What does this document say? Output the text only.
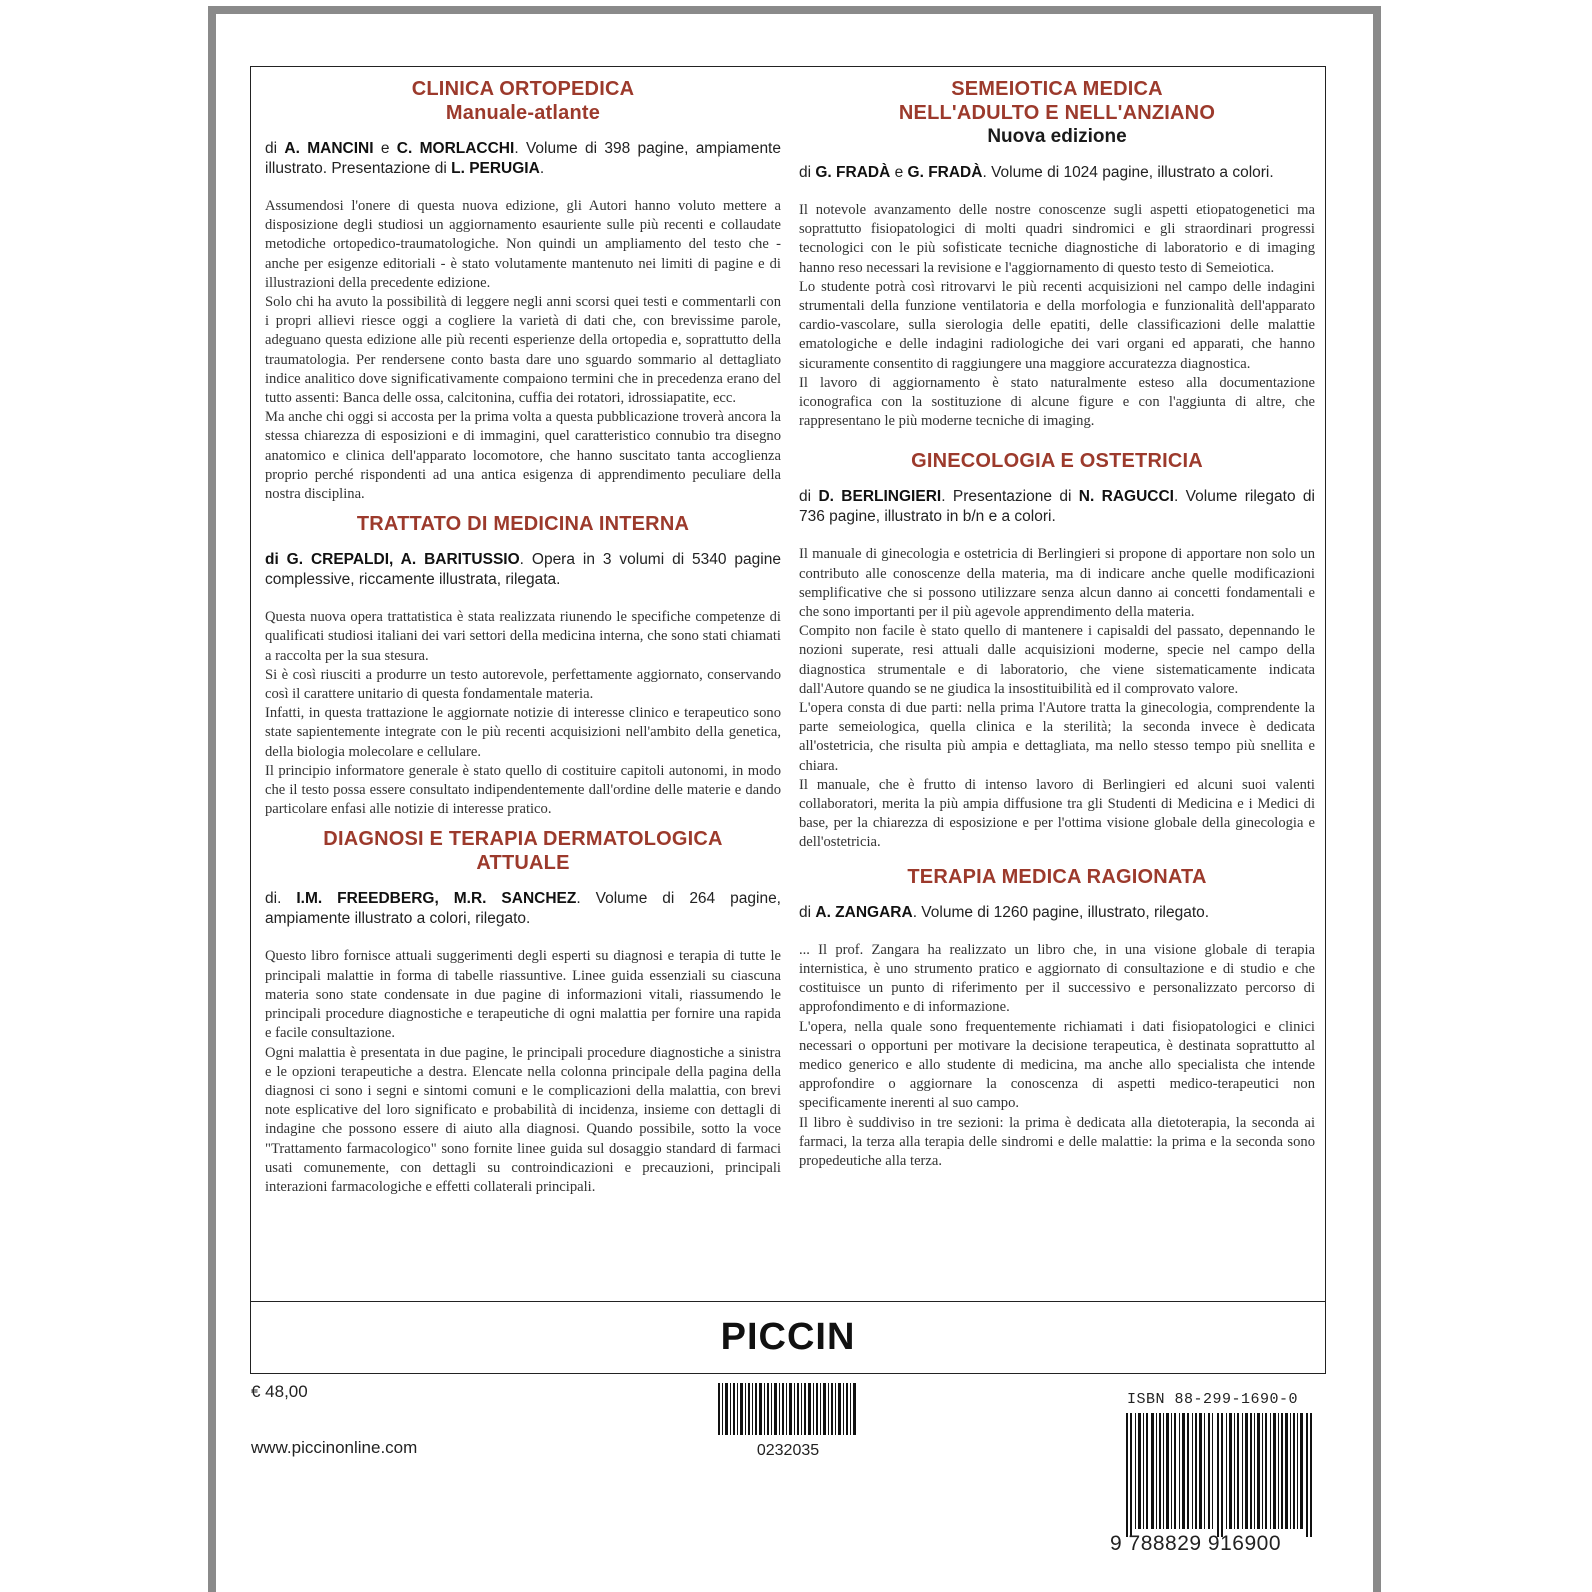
CLINICA ORTOPEDICA

Manuale-atlante

di A. MANCINI e C. MORLACCHI. Volume di 398 pagine, ampiamente illustrato. Presentazione di L. PERUGIA.

Assumendosi l'onere di questa nuova edizione, gli Autori hanno voluto mettere a disposizione degli studiosi un aggiornamento esauriente sulle più recenti e collaudate metodiche ortopedico-traumatologiche. Non quindi un ampliamento del testo che - anche per esigenze editoriali - è stato volutamente mantenuto nei limiti di pagine e di illustrazioni della precedente edizione.

Solo chi ha avuto la possibilità di leggere negli anni scorsi quei testi e commentarli con i propri allievi riesce oggi a cogliere la varietà di dati che, con brevissime parole, adeguano questa edizione alle più recenti esperienze della ortopedia e, soprattutto della traumatologia. Per rendersene conto basta dare uno sguardo sommario al dettagliato indice analitico dove significativamente compaiono termini che in precedenza erano del tutto assenti: Banca delle ossa, calcitonina, cuffia dei rotatori, idrossiapatite, ecc.

Ma anche chi oggi si accosta per la prima volta a questa pubblicazione troverà ancora la stessa chiarezza di esposizioni e di immagini, quel caratteristico connubio tra disegno anatomico e clinica dell'apparato locomotore, che hanno suscitato tanta accoglienza proprio perché rispondenti ad una antica esigenza di apprendimento peculiare della nostra disciplina.

TRATTATO DI MEDICINA INTERNA

di G. CREPALDI, A. BARITUSSIO. Opera in 3 volumi di 5340 pagine complessive, riccamente illustrata, rilegata.

Questa nuova opera trattatistica è stata realizzata riunendo le specifiche competenze di qualificati studiosi italiani dei vari settori della medicina interna, che sono stati chiamati a raccolta per la sua stesura.

Si è così riusciti a produrre un testo autorevole, perfettamente aggiornato, conservando così il carattere unitario di questa fondamentale materia.

Infatti, in questa trattazione le aggiornate notizie di interesse clinico e terapeutico sono state sapientemente integrate con le più recenti acquisizioni nell'ambito della genetica, della biologia molecolare e cellulare.

Il principio informatore generale è stato quello di costituire capitoli autonomi, in modo che il testo possa essere consultato indipendentemente dall'ordine delle materie e dando particolare enfasi alle notizie di interesse pratico.

DIAGNOSI E TERAPIA DERMATOLOGICA ATTUALE

di. I.M. FREEDBERG, M.R. SANCHEZ. Volume di 264 pagine, ampiamente illustrato a colori, rilegato.

Questo libro fornisce attuali suggerimenti degli esperti su diagnosi e terapia di tutte le principali malattie in forma di tabelle riassuntive. Linee guida essenziali su ciascuna materia sono state condensate in due pagine di informazioni vitali, riassumendo le principali procedure diagnostiche e terapeutiche di ogni malattia per fornire una rapida e facile consultazione.

Ogni malattia è presentata in due pagine, le principali procedure diagnostiche a sinistra e le opzioni terapeutiche a destra. Elencate nella colonna principale della pagina della diagnosi ci sono i segni e sintomi comuni e le complicazioni della malattia, con brevi note esplicative del loro significato e probabilità di incidenza, insieme con dettagli di indagine che possono essere di aiuto alla diagnosi. Quando possibile, sotto la voce "Trattamento farmacologico" sono fornite linee guida sul dosaggio standard di farmaci usati comunemente, con dettagli su controindicazioni e precauzioni, principali interazioni farmacologiche e effetti collaterali principali.

SEMEIOTICA MEDICA

NELL'ADULTO E NELL'ANZIANO

Nuova edizione

di G. FRADÀ e G. FRADÀ. Volume di 1024 pagine, illustrato a colori.

Il notevole avanzamento delle nostre conoscenze sugli aspetti etiopatogenetici ma soprattutto fisiopatologici di molti quadri sindromici e gli straordinari progressi tecnologici con le più sofisticate tecniche diagnostiche di laboratorio e di imaging hanno reso necessari la revisione e l'aggiornamento di questo testo di Semeiotica.

Lo studente potrà così ritrovarvi le più recenti acquisizioni nel campo delle indagini strumentali della funzione ventilatoria e della morfologia e funzionalità dell'apparato cardio-vascolare, sulla sierologia delle epatiti, delle classificazioni delle malattie ematologiche e delle indagini radiologiche dei vari organi ed apparati, che hanno sicuramente consentito di raggiungere una maggiore accuratezza diagnostica.

Il lavoro di aggiornamento è stato naturalmente esteso alla documentazione iconografica con la sostituzione di alcune figure e con l'aggiunta di altre, che rappresentano le più moderne tecniche di imaging.

GINECOLOGIA E OSTETRICIA

di D. BERLINGIERI. Presentazione di N. RAGUCCI. Volume rilegato di 736 pagine, illustrato in b/n e a colori.

Il manuale di ginecologia e ostetricia di Berlingieri si propone di apportare non solo un contributo alle conoscenze della materia, ma di indicare anche quelle modificazioni semplificative che si possono utilizzare senza alcun danno ai concetti fondamentali e che sono importanti per il più agevole apprendimento della materia.

Compito non facile è stato quello di mantenere i capisaldi del passato, depennando le nozioni superate, resi attuali dalle acquisizioni moderne, specie nel campo della diagnostica strumentale e di laboratorio, che viene sistematicamente indicata dall'Autore quando se ne giudica la insostituibilità ed il comprovato valore.

L'opera consta di due parti: nella prima l'Autore tratta la ginecologia, comprendente la parte semeiologica, quella clinica e la sterilità; la seconda invece è dedicata all'ostetricia, che risulta più ampia e dettagliata, ma nello stesso tempo più snellita e chiara.

Il manuale, che è frutto di intenso lavoro di Berlingieri ed alcuni suoi valenti collaboratori, merita la più ampia diffusione tra gli Studenti di Medicina e i Medici di base, per la chiarezza di esposizione e per l'ottima visione globale della ginecologia e dell'ostetricia.

TERAPIA MEDICA RAGIONATA

di A. ZANGARA. Volume di 1260 pagine, illustrato, rilegato.

... Il prof. Zangara ha realizzato un libro che, in una visione globale di terapia internistica, è uno strumento pratico e aggiornato di consultazione e di studio e che costituisce un punto di riferimento per il successivo e personalizzato percorso di approfondimento e di informazione.

L'opera, nella quale sono frequentemente richiamati i dati fisiopatologici e clinici necessari o opportuni per motivare la decisione terapeutica, è destinata soprattutto al medico generico e allo studente di medicina, ma anche allo specialista che intende approfondire o aggiornare la conoscenza di aspetti medico-terapeutici non specificamente inerenti al suo campo.

Il libro è suddiviso in tre sezioni: la prima è dedicata alla dietoterapia, la seconda ai farmaci, la terza alla terapia delle sindromi e delle malattie: la prima e la seconda sono propedeutiche alla terza.

PICCIN
€ 48,00
www.piccinonline.com	0232035
ISBN 88-299-1690-0
9 788829 916900
